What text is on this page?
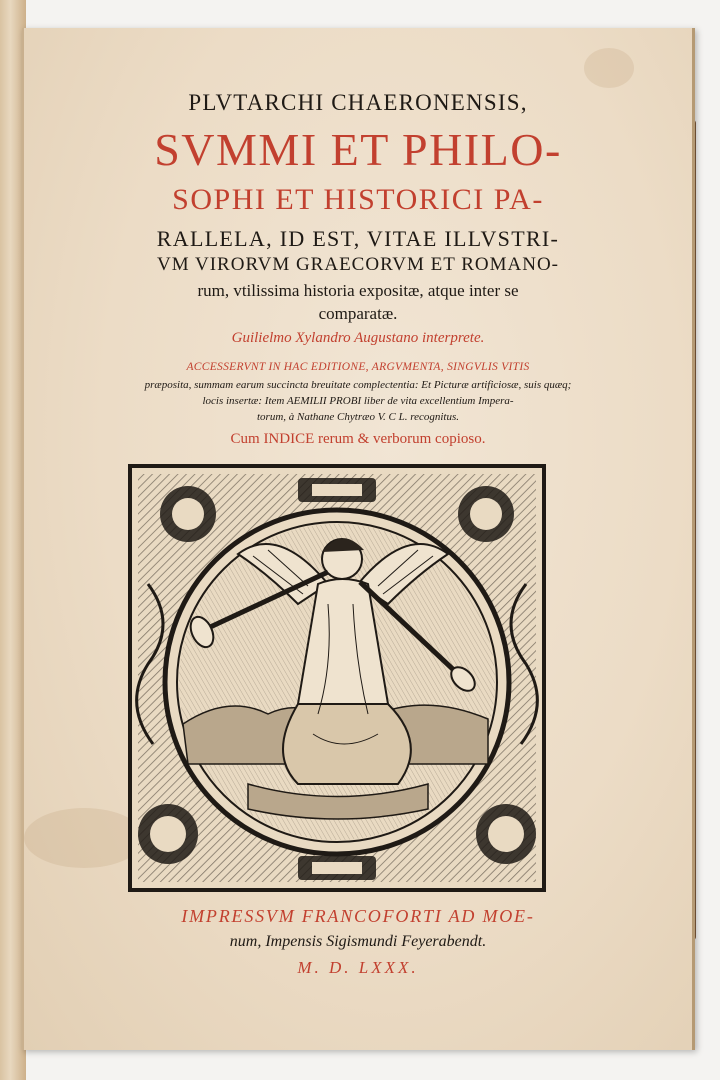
PLVTARCHI CHAERONENSIS,
SVMMI ET PHILO-
SOPHI ET HISTORICI PA-
RALLELA, ID EST, VITAE ILLVSTRI-
VM VIRORVM GRAECORVM ET ROMANO-
rum, vtilissima historia expositæ, atque inter se
comparatæ.
Guilielmo Xylandro Augustano interprete.
ACCESSERVNT IN HAC EDITIONE, ARGVMENTA, SINGVLIS VITIS
præposita, summam earum succincta breuitate complectentia: Et Picturæ artificiosæ, suis quæq;
locis insertæ: Item AEMILII PROBI liber de vita excellentium Impera-
torum, à Nathane Chytræo V. C L. recognitus.
Cum INDICE rerum & verborum copioso.
IMPRESSVM FRANCOFORTI AD MOE-
num, Impensis Sigismundi Feyerabendt.
M. D. LXXX.
